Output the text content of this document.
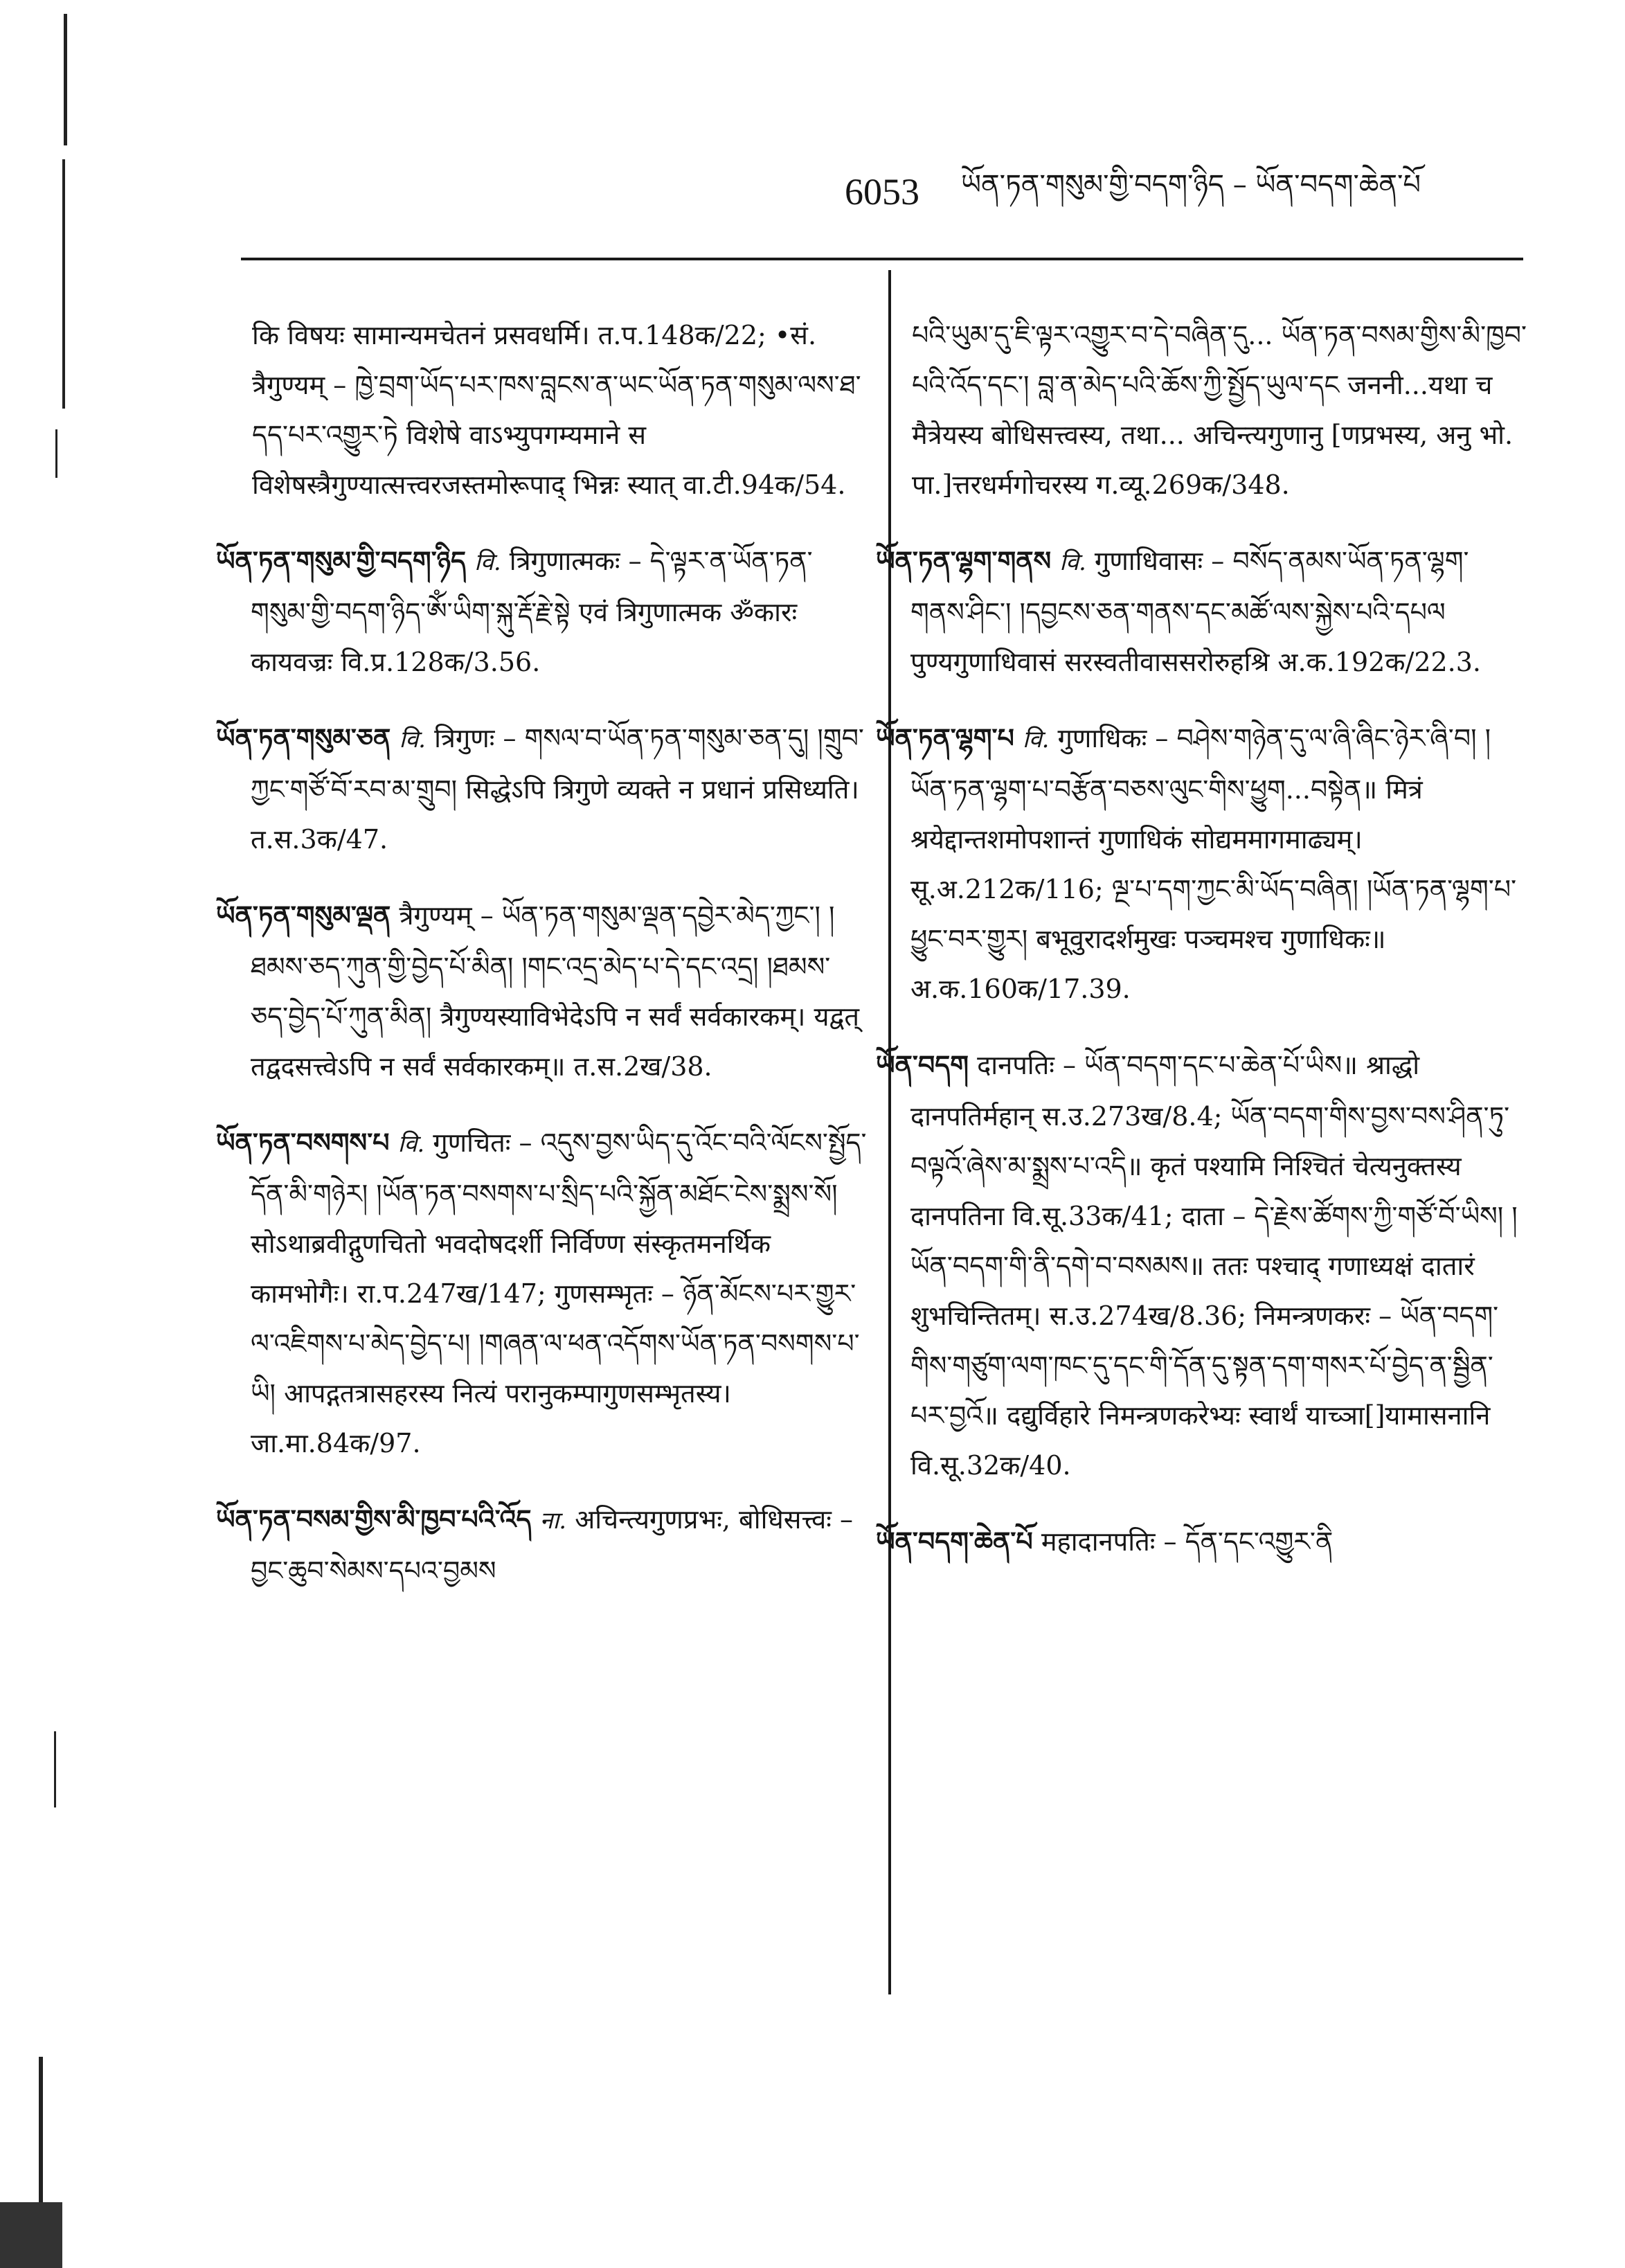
6053 ཡོན་ཏན་གསུམ་གྱི་བདག་ཉིད – ཡོན་བདག་ཆེན་པོ

कि विषयः सामान्यमचेतनं प्रसवधर्मि। त.प.148क/22; •सं. त्रैगुण्यम् – ཁྱེ་བྲག་ཡོད་པར་ཁས་བླངས་ན་ཡང་ཡོན་ཏན་གསུམ་ལས་ཐ་དད་པར་འགྱུར་ཏེ विशेषे वाऽभ्युपगम्यमाने स विशेषस्त्रैगुण्यात्सत्त्वरजस्तमोरूपाद् भिन्नः स्यात् वा.टी.94क/54.

ཡོན་ཏན་གསུམ་གྱི་བདག་ཉིད वि. त्रिगुणात्मकः – དེ་ལྟར་ན་ཡོན་ཏན་གསུམ་གྱི་བདག་ཉིད་ཨོཾ་ཡིག་སྐུ་རྡོ་རྗེ་སྟེ एवं त्रिगुणात्मक ॐकारः कायवज्रः वि.प्र.128क/3.56.

ཡོན་ཏན་གསུམ་ཅན वि. त्रिगुणः – གསལ་བ་ཡོན་ཏན་གསུམ་ཅན་དུ། །གྲུབ་ཀྱང་གཙོ་བོ་རབ་མ་གྲུབ། सिद्धेऽपि त्रिगुणे व्यक्ते न प्रधानं प्रसिध्यति। त.स.3क/47.

ཡོན་ཏན་གསུམ་ལྡན त्रैगुण्यम् – ཡོན་ཏན་གསུམ་ལྡན་དབྱེར་མེད་ཀྱང་། །ཐམས་ཅད་ཀུན་གྱི་བྱེད་པོ་མིན། །གང་འདྲ་མེད་པ་དེ་དང་འདྲ། །ཐམས་ཅད་བྱེད་པོ་ཀུན་མིན། त्रैगुण्यस्याविभेदेऽपि न सर्वं सर्वकारकम्। यद्वत् तद्वदसत्त्वेऽपि न सर्वं सर्वकारकम्॥ त.स.2ख/38.

ཡོན་ཏན་བསགས་པ वि. गुणचितः – འདུས་བྱས་ཡིད་དུ་འོང་བའི་ལོངས་སྤྱོད་དོན་མི་གཉེར། །ཡོན་ཏན་བསགས་པ་སྲིད་པའི་སྐྱོན་མཐོང་ངེས་སྨྲས་སོ། सोऽथाब्रवीद्गुणचितो भवदोषदर्शी निर्विण्ण संस्कृतमनर्थिक कामभोगैः। रा.प.247ख/147; गुणसम्भृतः – ཉོན་མོངས་པར་གྱུར་ལ་འཇིགས་པ་མེད་བྱེད་པ། །གཞན་ལ་ཕན་འདོགས་ཡོན་ཏན་བསགས་པ་ཡི། आपद्गतत्रासहरस्य नित्यं परानुकम्पागुणसम्भृतस्य। जा.मा.84क/97.

ཡོན་ཏན་བསམ་གྱིས་མི་ཁྱབ་པའི་འོད ना. अचिन्त्यगुणप्रभः, बोधिसत्त्वः – བྱང་ཆུབ་སེམས་དཔའ་བྱམས

པའི་ཡུམ་དུ་ཇི་ལྟར་འགྱུར་བ་དེ་བཞིན་དུ... ཡོན་ཏན་བསམ་གྱིས་མི་ཁྱབ་པའི་འོད་དང་། བླ་ན་མེད་པའི་ཆོས་ཀྱི་སྤྱོད་ཡུལ་དང जननी...यथा च मैत्रेयस्य बोधिसत्त्वस्य, तथा... अचिन्त्यगुणानु [णप्रभस्य, अनु भो. पा.]त्तरधर्मगोचरस्य ग.व्यू.269क/348.

ཡོན་ཏན་ལྷག་གནས वि. गुणाधिवासः – བསོད་ནམས་ཡོན་ཏན་ལྷག་གནས་ཤིང་། །དབྱངས་ཅན་གནས་དང་མཚོ་ལས་སྐྱེས་པའི་དཔལ पुण्यगुणाधिवासं सरस्वतीवाससरोरुहश्रि अ.क.192क/22.3.

ཡོན་ཏན་ལྷག་པ वि. गुणाधिकः – བཤེས་གཉེན་དུ་ལ་ཞི་ཞིང་ཉེར་ཞི་བ། །ཡོན་ཏན་ལྷག་པ་བརྩོན་བཅས་ལུང་གིས་ཕྱུག...བསྟེན॥ मित्रं श्रयेद्दान्तशमोपशान्तं गुणाधिकं सोद्यममागमाढ्यम्। सू.अ.212क/116; ལྔ་པ་དག་ཀྱང་མི་ཡོད་བཞིན། །ཡོན་ཏན་ལྷག་པ་ཕྱུང་བར་གྱུར། बभूवुरादर्शमुखः पञ्चमश्च गुणाधिकः॥ अ.क.160क/17.39.

ཡོན་བདག दानपतिः – ཡོན་བདག་དང་པ་ཆེན་པོ་ཡིས॥ श्राद्धो दानपतिर्महान् स.उ.273ख/8.4; ཡོན་བདག་གིས་བྱས་བས་ཤིན་ཏུ་བལྟའོ་ཞེས་མ་སྨྲས་པ་འདི॥ कृतं पश्यामि निश्चितं चेत्यनुक्तस्य दानपतिना वि.सू.33क/41; दाता – དེ་རྗེས་ཚོགས་ཀྱི་གཙོ་བོ་ཡིས། །ཡོན་བདག་གི་ནི་དགེ་བ་བསམས॥ ततः पश्चाद् गणाध्यक्षं दातारं शुभचिन्तितम्। स.उ.274ख/8.36; निमन्त्रणकरः – ཡོན་བདག་གིས་གཙུག་ལག་ཁང་དུ་དང་གི་དོན་དུ་སྟན་དག་གསར་པོ་བྱེད་ན་སྦྱིན་པར་བྱའོ॥ दद्युर्विहारे निमन्त्रणकरेभ्यः स्वार्थं याच्ञा[]यामासनानि वि.सू.32क/40.

ཡོན་བདག་ཆེན་པོ महादानपतिः – དོན་དང་འགྱུར་ནི
